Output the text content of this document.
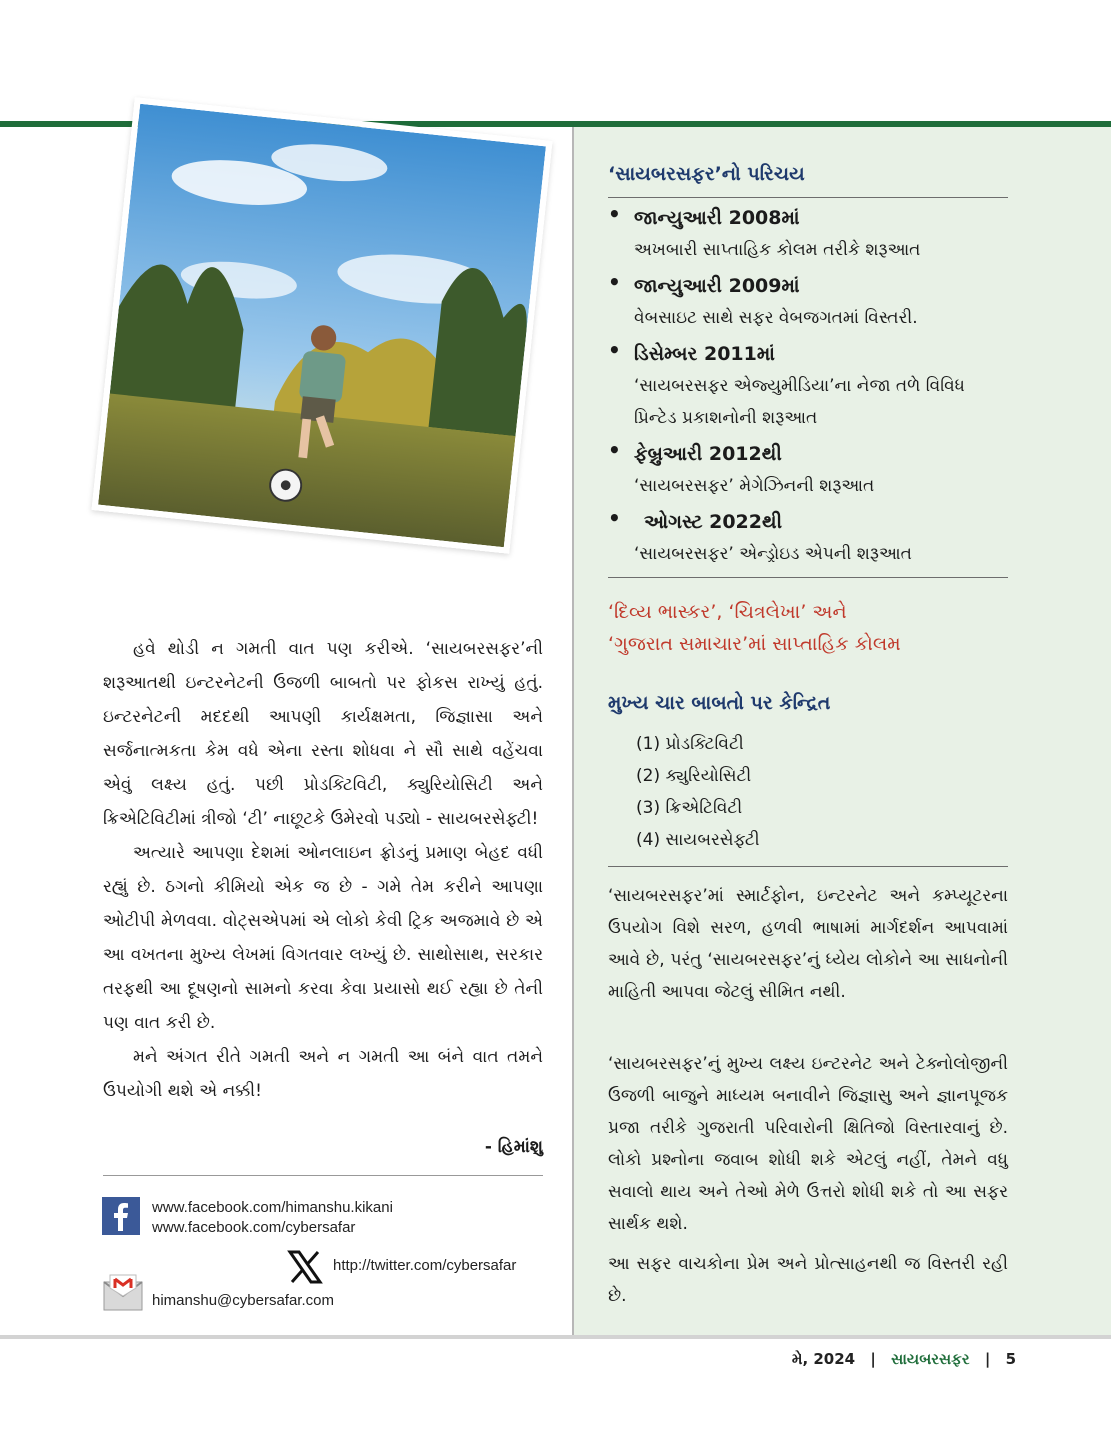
હવે થોડી ન ગમતી વાત પણ કરીએ. ‘સાયબરસફર’ની શરૂઆતથી ઇન્ટરનેટની ઉજળી બાબતો પર ફોકસ રાખ્યું હતું. ઇન્ટરનેટની મદદથી આપણી કાર્યક્ષમતા, જિજ્ઞાસા અને સર્જનાત્મકતા કેમ વધે એના રસ્તા શોધવા ને સૌ સાથે વહેંચવા એવું લક્ષ્ય હતું. પછી પ્રોડક્ટિવિટી, ક્યુરિયોસિટી અને ક્રિએટિવિટીમાં ત્રીજો ‘ટી’ નાછૂટકે ઉમેરવો પડ્યો - સાયબરસેફ્ટી!

અત્યારે આપણા દેશમાં ઓનલાઇન ફ્રોડનું પ્રમાણ બેહદ વધી રહ્યું છે. ઠગનો કીમિયો એક જ છે - ગમે તેમ કરીને આપણા ઓટીપી મેળવવા. વોટ્સએપમાં એ લોકો કેવી ટ્રિક અજમાવે છે એ આ વખતના મુખ્ય લેખમાં વિગતવાર લખ્યું છે. સાથોસાથ, સરકાર તરફથી આ દૂષણનો સામનો કરવા કેવા પ્રયાસો થઈ રહ્યા છે તેની પણ વાત કરી છે.

મને અંગત રીતે ગમતી અને ન ગમતી આ બંને વાત તમને ઉપયોગી થશે એ નક્કી!

- હિમાંશુ
www.facebook.com/himanshu.kikani
www.facebook.com/cybersafar
http://twitter.com/cybersafar
himanshu@cybersafar.com
‘સાયબરસફર’નો પરિચય
• જાન્યુઆરી 2008માં
અખબારી સાપ્તાહિક કોલમ તરીકે શરૂઆત
• જાન્યુઆરી 2009માં
વેબસાઇટ સાથે સફર વેબજગતમાં વિસ્તરી.
• ડિસેમ્બર 2011માં
‘સાયબરસફર એજ્યુમીડિયા’ના નેજા તળે વિવિધ
પ્રિન્ટેડ પ્રકાશનોની શરૂઆત
• ફેબ્રુઆરી 2012થી
‘સાયબરસફર’ મેગેઝિનની શરૂઆત
•	ઓગસ્ટ 2022થી
‘સાયબરસફર’ એન્ડ્રોઇડ એપની શરૂઆત
‘દિવ્ય ભાસ્કર’, ‘ચિત્રલેખા’ અને
‘ગુજરાત સમાચાર’માં સાપ્તાહિક કોલમ
મુખ્ય ચાર બાબતો પર કેન્દ્રિત
(1) પ્રોડક્ટિવિટી
(2) ક્યુરિયોસિટી
(3) ક્રિએટિવિટી
(4) સાયબરસેફ્ટી
‘સાયબરસફર’માં સ્માર્ટફોન, ઇન્ટરનેટ અને કમ્પ્યૂટરના ઉપયોગ વિશે સરળ, હળવી ભાષામાં માર્ગદર્શન આપવામાં આવે છે, પરંતુ ‘સાયબરસફર’નું ધ્યેય લોકોને આ સાધનોની માહિતી આપવા જેટલું સીમિત નથી.
‘સાયબરસફર’નું મુખ્ય લક્ષ્ય ઇન્ટરનેટ અને ટેક્નોલોજીની ઉજળી બાજુને માધ્યમ બનાવીને જિજ્ઞાસુ અને જ્ઞાનપૂજક પ્રજા તરીકે ગુજરાતી પરિવારોની ક્ષિતિજો વિસ્તારવાનું છે. લોકો પ્રશ્નોના જવાબ શોધી શકે એટલું નહીં, તેમને વધુ સવાલો થાય અને તેઓ મેળે ઉત્તરો શોધી શકે તો આ સફર સાર્થક થશે.
આ સફર વાચકોના પ્રેમ અને પ્રોત્સાહનથી જ વિસ્તરી રહી છે.
મે, 2024 | સાયબરસફર | 5
